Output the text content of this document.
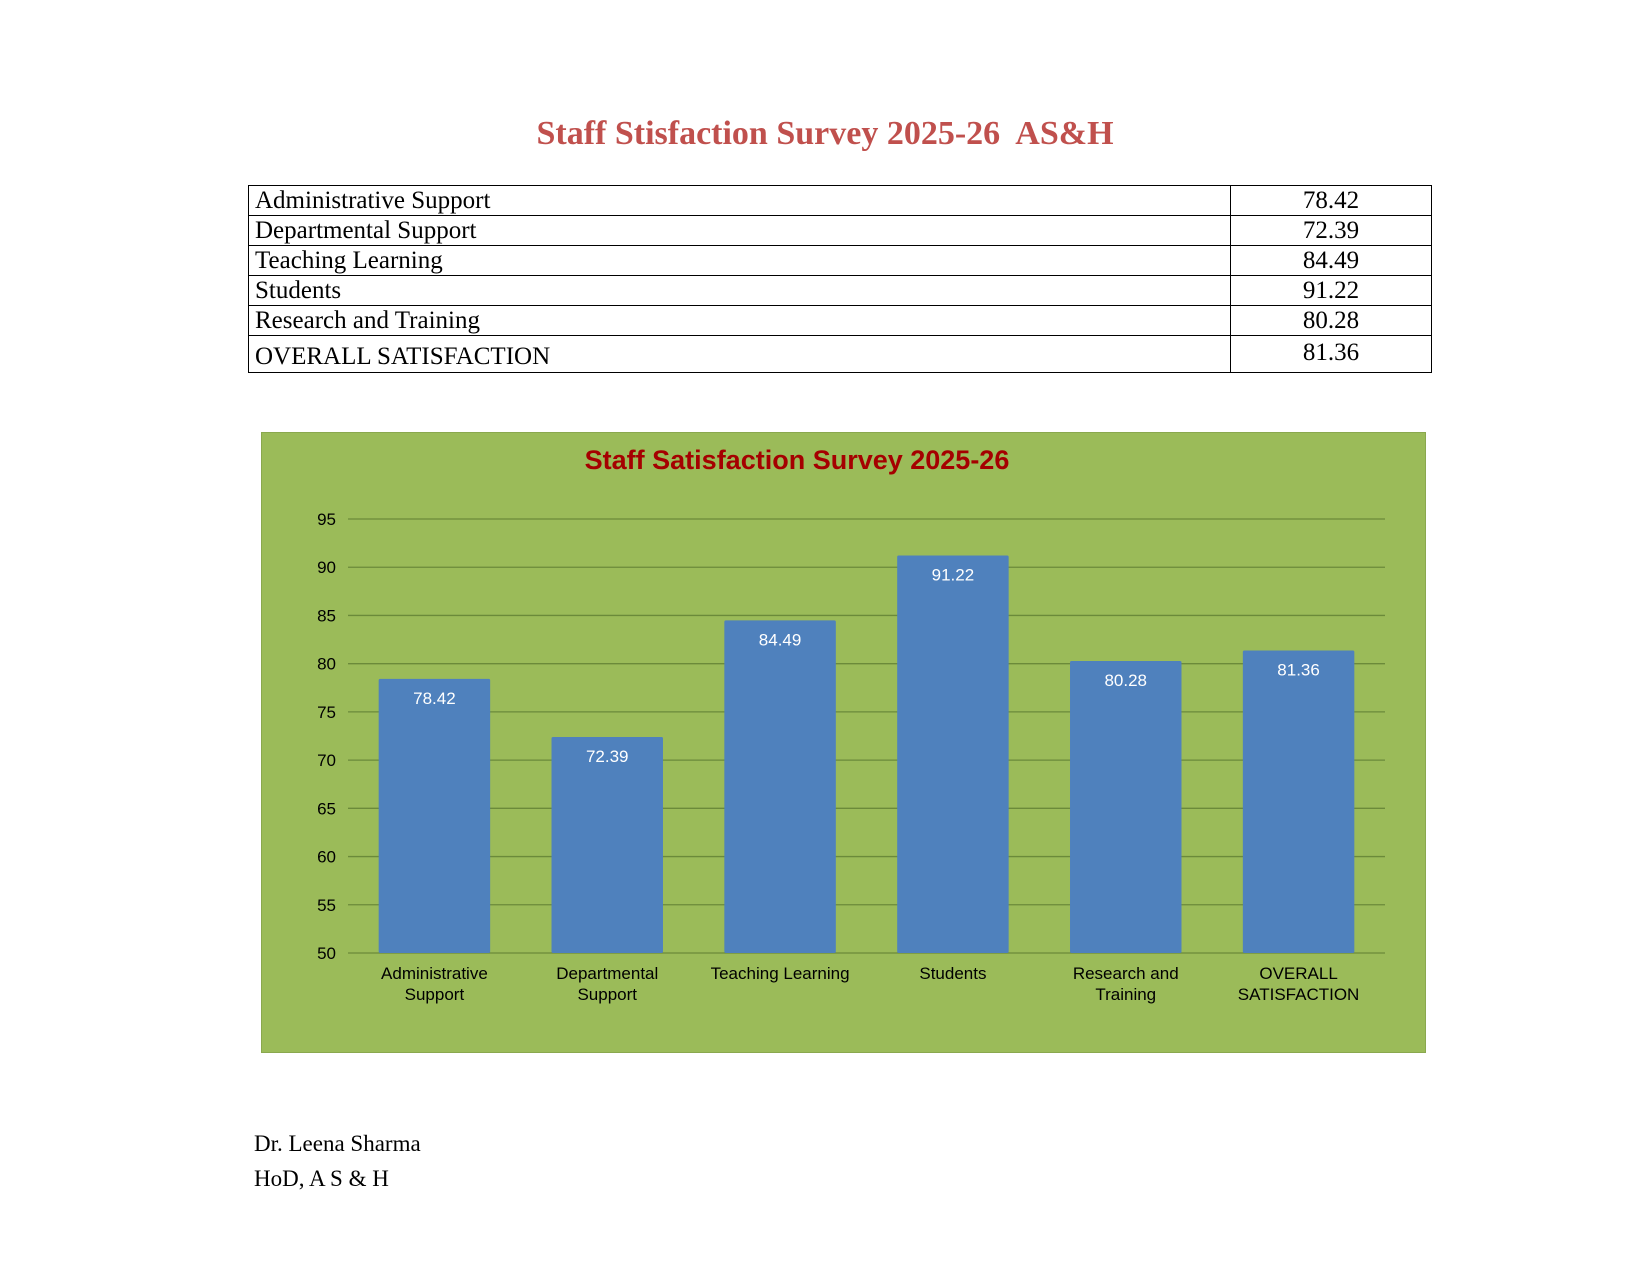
Staff Stisfaction Survey 2025-26  AS&H
Administrative Support	78.42
Departmental Support	72.39
Teaching Learning	84.49
Students	91.22
Research and Training	80.28
OVERALL SATISFACTION	81.36
Staff Satisfaction Survey 2025-26
50
55
60
65
70
75
80
85
90
95
78.42
72.39
84.49
91.22
80.28
81.36
Administrative
Support
Departmental
Support
Teaching Learning	Students	Research and
Training
OVERALL
SATISFACTION
Dr. Leena Sharma
HoD, A S & H
